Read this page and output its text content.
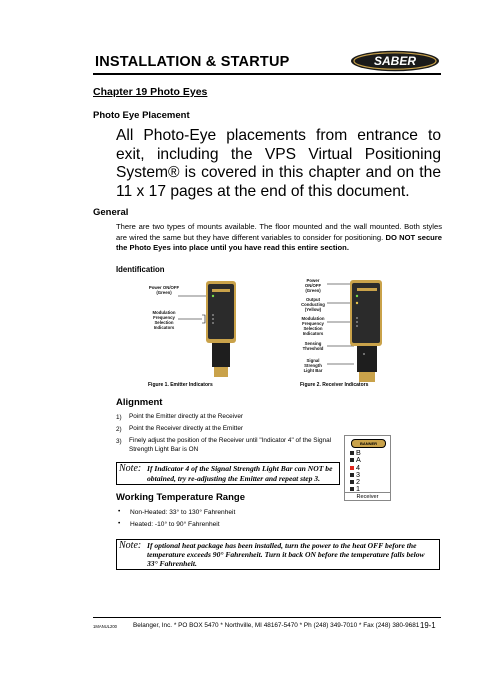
INSTALLATION & STARTUP	SABER
Chapter 19 Photo Eyes
Photo Eye Placement
All Photo-Eye placements from entrance to exit, including the VPS Virtual Positioning System® is covered in this chapter and on the 11 x 17 pages at the end of this document.
General
There are two types of mounts available. The floor mounted and the wall mounted. Both styles are wired the same but they have different variables to consider for positioning. DO NOT secure the Photo Eyes into place until you have read this entire section.
Identification
Power ON/OFF (Green)
Modulation Frequency Selection Indicators
Figure 1. Emitter Indicators
Power ON/OFF (Green)
Output Conducting (Yellow)
Modulation Frequency Selection Indicators
Sensing Threshold
Signal Strength Light Bar
Figure 2. Receiver Indicators
Alignment
1) Point the Emitter directly at the Receiver
2) Point the Receiver directly at the Emitter
3) Finely adjust the position of the Receiver until "Indicator 4" of the Signal Strength Light Bar is ON
BANNER
B
A
4
3
2
1
Receiver
Note: If Indicator 4 of the Signal Strength Light Bar can NOT be obtained, try re-adjusting the Emitter and repeat step 3.
Working Temperature Range
• Non-Heated: 33° to 130° Fahrenheit
• Heated: -10° to 90° Fahrenheit
Note: If optional heat package has been installed, turn the power to the heat OFF before the temperature exceeds 90° Fahrenheit. Turn it back ON before the temperature falls below 33° Fahrenheit.
1MANUL200	Belanger, Inc. * PO BOX 5470 * Northville, MI 48167-5470 * Ph (248) 349-7010 * Fax (248) 380-9681 19-1
